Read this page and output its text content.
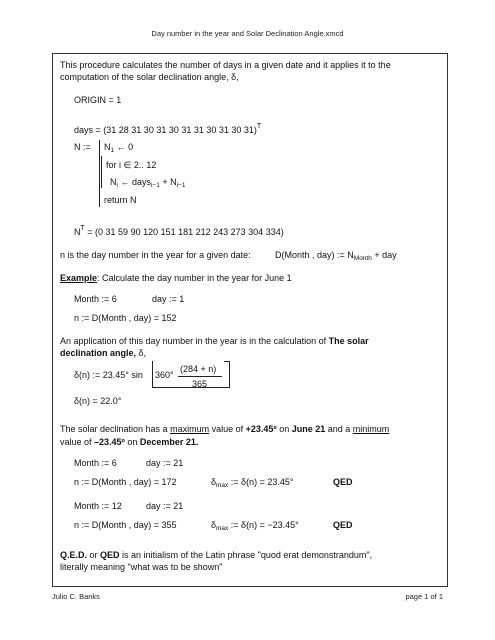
Day number in the year and Solar Declination Angle.xmcd
This procedure calculates the number of days in a given date and it applies it to the
computation of the solar declination angle, δ,
ORIGIN = 1
days = (31 28 31 30 31 30 31 31 30 31 30 31)$^T$
N := $N_1$ ← 0
for i ∈ 2.. 12
$N_i$ ← days$_{i-1}$ + $N_{i-1}$
return N
$N^T = (0$ 31 59 90 120 151 181 212 243 273 304 334)
n is the day number in the year for a given date:	D(Month , day) := $N_{Month}$ + day
Example: Calculate the day number in the year for June 1
Month := 6	day := 1
n := D(Month , day) = 152
An application of this day number in the year is in the calculation of The solar
declination angle, δ,
δ(n) := 23.45° sin 360°
(284 + n)
365
δ(n) = 22.0°
The solar declination has a maximum value of +23.45º on June 21 and a minimum
value of –23.45º on December 21.
Month := 6	day := 21
n := D(Month , day) = 172	$\delta_{max}$ := δ(n) = 23.45°	QED
Month := 12	day := 21
n := D(Month , day) = 355	$\delta_{max}$ := δ(n) = −23.45°	QED
Q.E.D. or QED is an initialism of the Latin phrase "quod erat demonstrandum",
literally meaning "what was to be shown"
Julio C. Banks	page 1 of 1
